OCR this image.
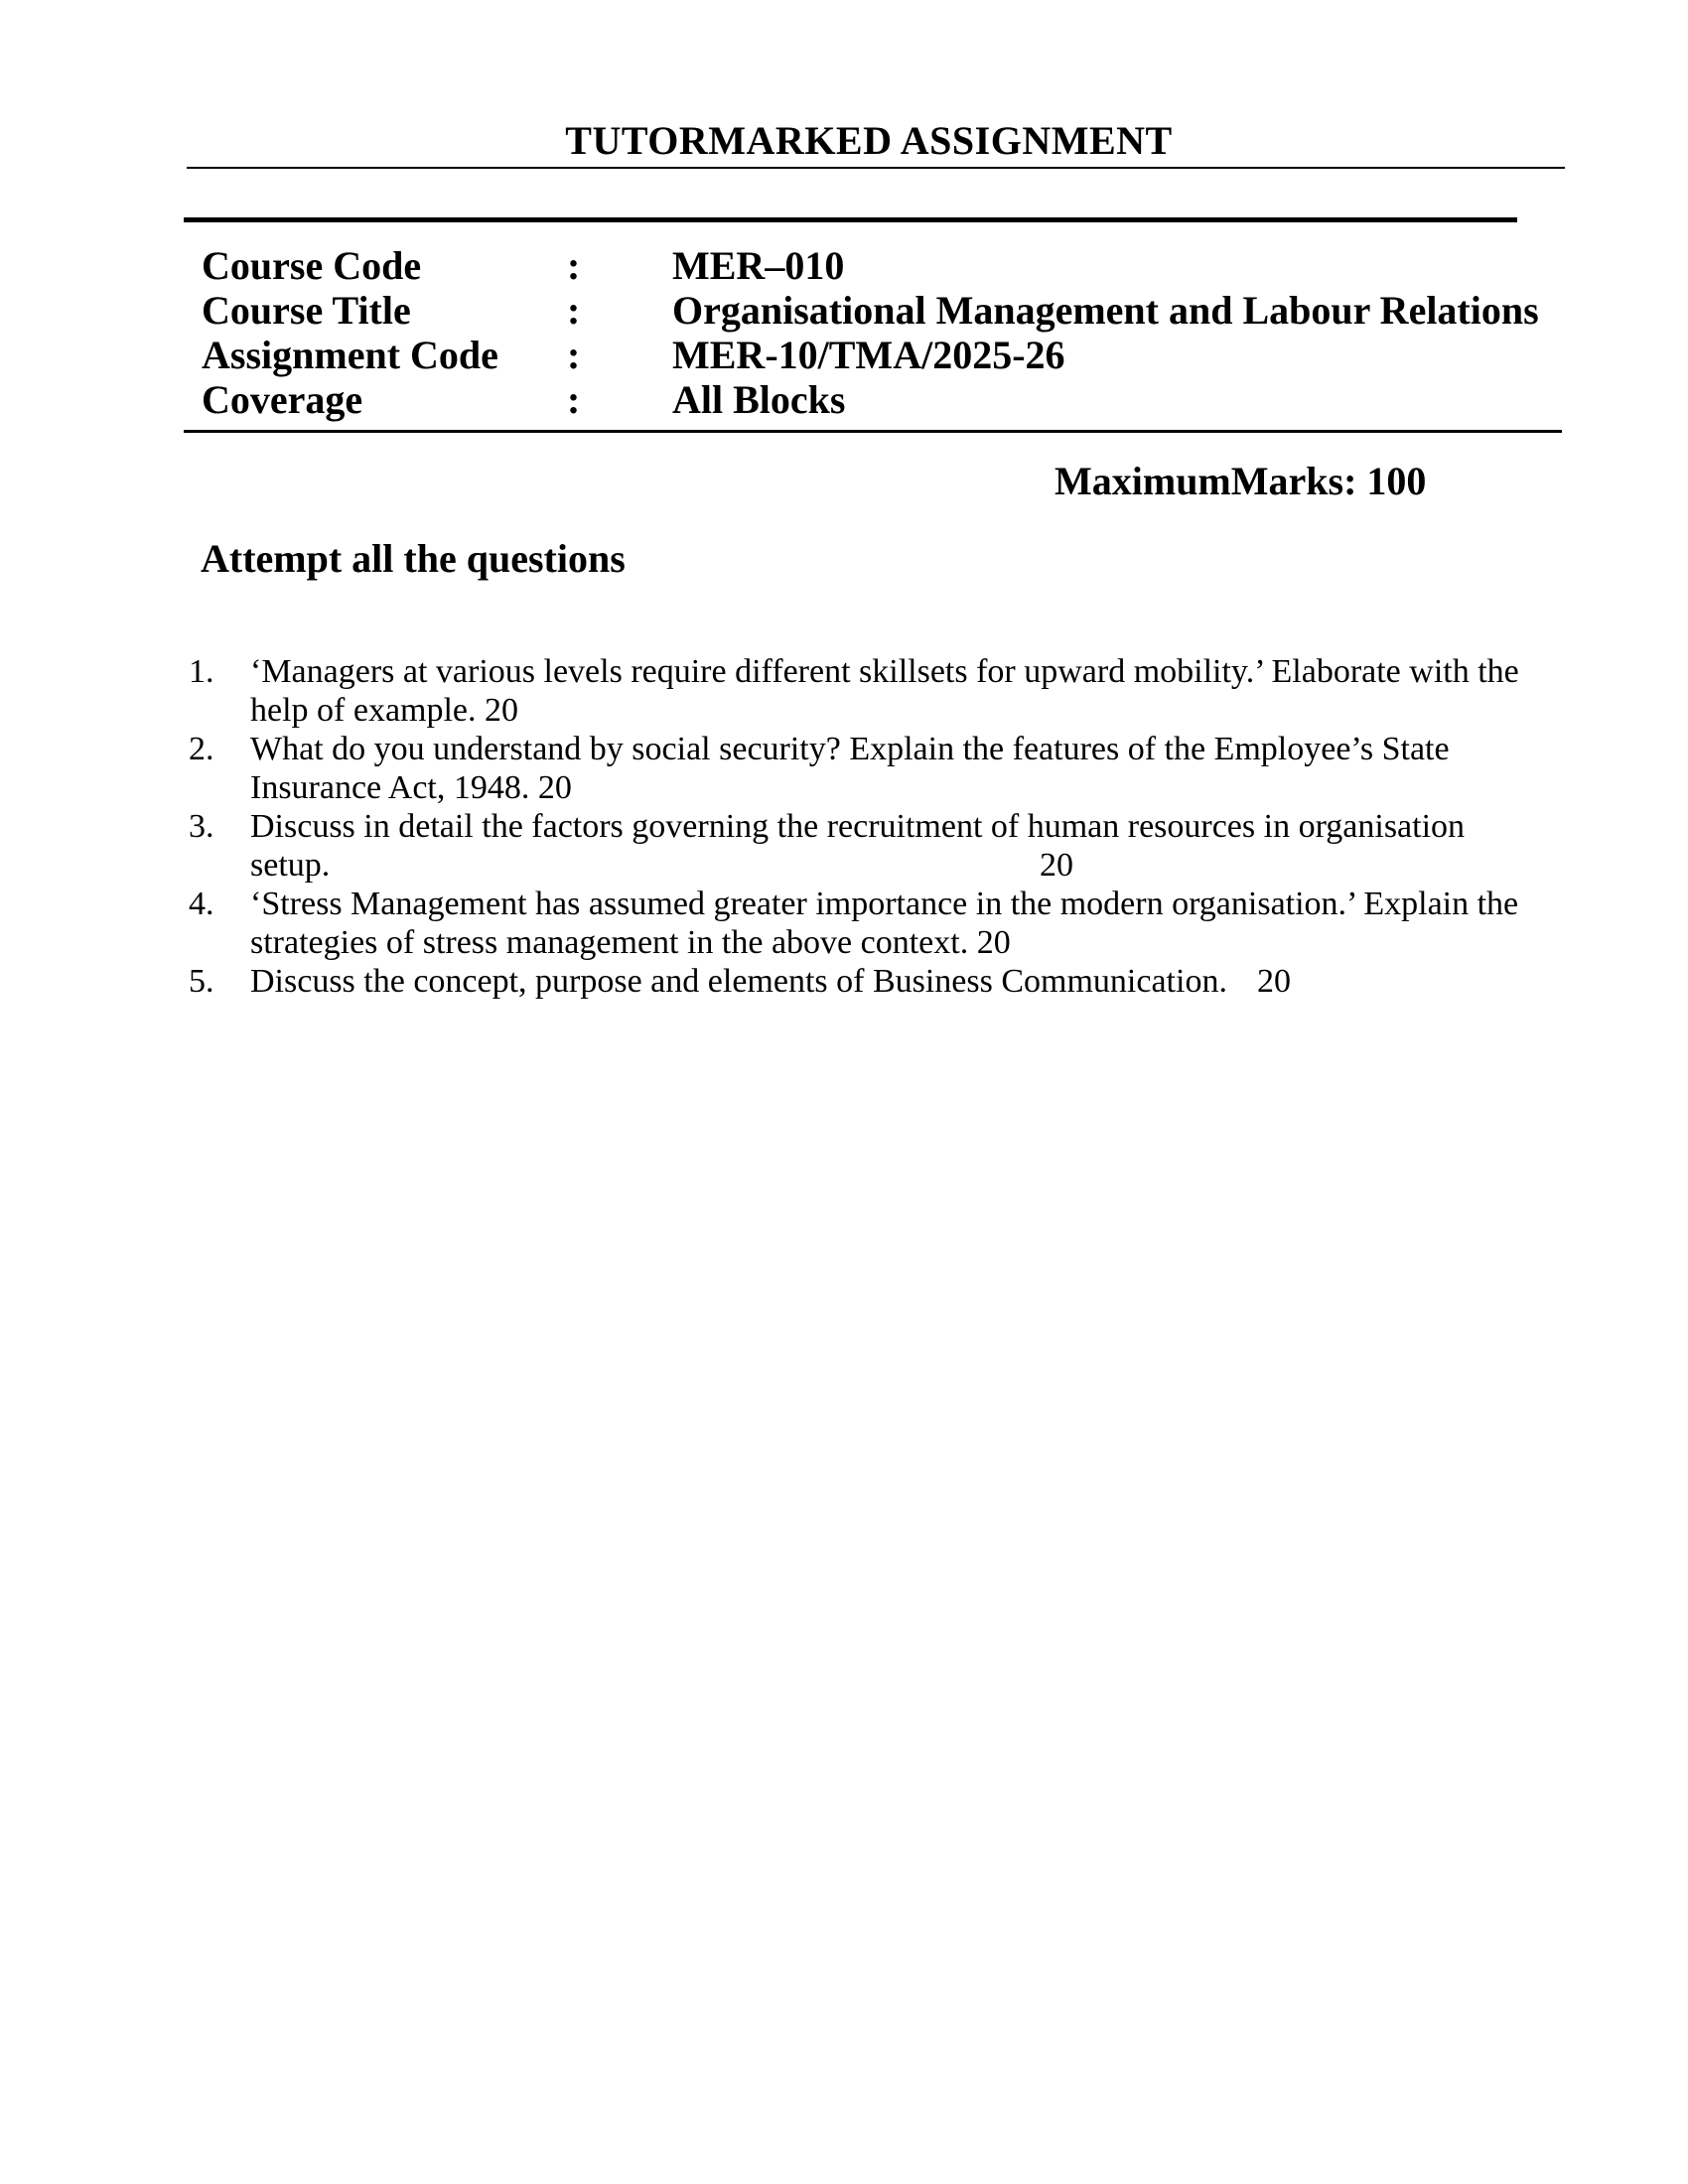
TUTORMARKED ASSIGNMENT
Course Code	:	MER–010
Course Title	:	Organisational Management and Labour Relations
Assignment Code	:	MER-10/TMA/2025-26
Coverage	:	All Blocks

MaximumMarks: 100

Attempt all the questions
1.	‘Managers at various levels require different skillsets for upward mobility.’ Elaborate with the
help of example. 20
2.	What do you understand by social security? Explain the features of the Employee’s State
Insurance Act, 1948. 20
3.	Discuss in detail the factors governing the recruitment of human resources in organisation
setup.	20
4.	‘Stress Management has assumed greater importance in the modern organisation.’ Explain the
strategies of stress management in the above context. 20
5.	Discuss the concept, purpose and elements of Business Communication. 20
